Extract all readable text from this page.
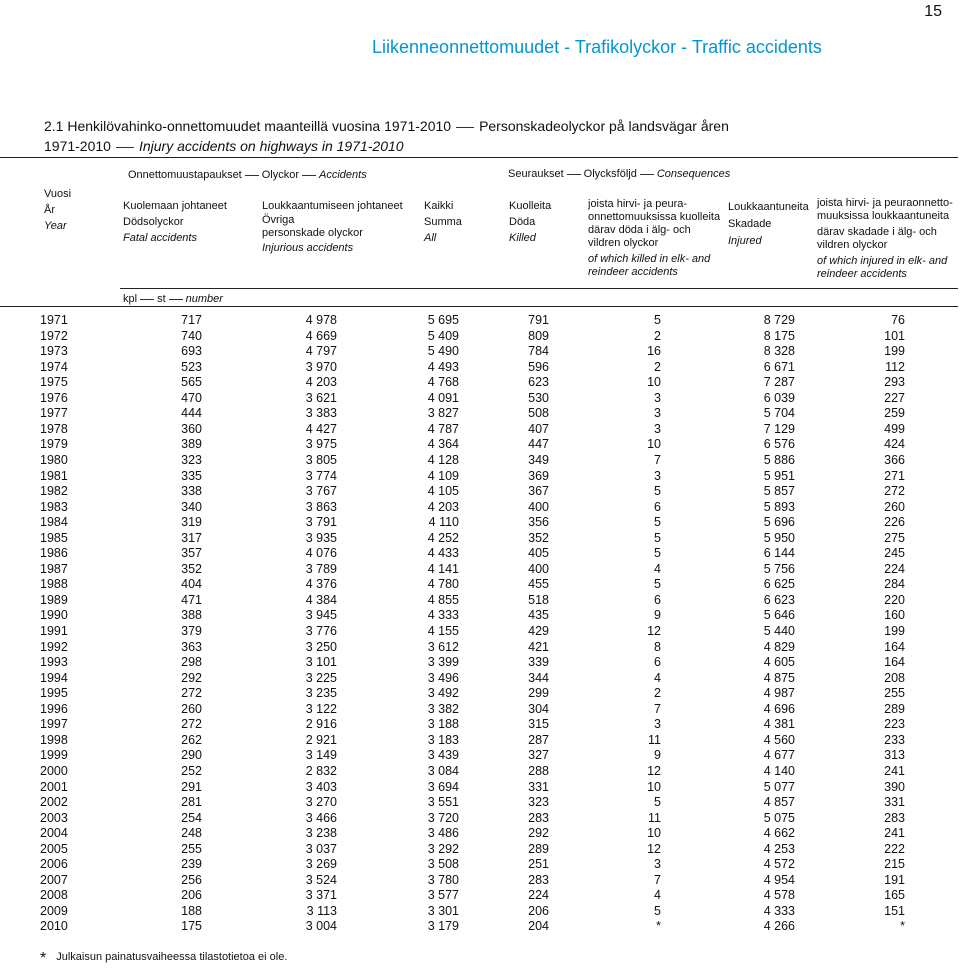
15
Liikenneonnettomuudet - Trafikolyckor - Traffic accidents
2.1 Henkilövahinko-onnettomuudet maanteillä vuosina 1971-2010 Personskadeolyckor på landsvägar åren
1971-2010 Injury accidents on highways in 1971-2010
Onnettomuustapaukset Olyckor Accidents	Seuraukset Olycksföljd Consequences
Vuosi
År
Year
Kuolemaan johtaneet
Dödsolyckor
Fatal accidents
Loukkaantumiseen johtaneet
Övriga
personskade olyckor
Injurious accidents
Kaikki
Summa
All
Kuolleita
Döda
Killed
joista hirvi- ja peura-
onnettomuuksissa kuolleita
därav döda i älg- och
vildren olyckor
of which killed in elk- and
reindeer accidents
Loukkaantuneita
Skadade
Injured
joista hirvi- ja peuraonnetto-
muuksissa loukkaantuneita
därav skadade i älg- och
vildren olyckor
of which injured in elk- and
reindeer accidents
kpl st number
1971	717	4 978	5 695	791	5	8 729	76
1972	740	4 669	5 409	809	2	8 175	101
1973	693	4 797	5 490	784	16	8 328	199
1974	523	3 970	4 493	596	2	6 671	112
1975	565	4 203	4 768	623	10	7 287	293
1976	470	3 621	4 091	530	3	6 039	227
1977	444	3 383	3 827	508	3	5 704	259
1978	360	4 427	4 787	407	3	7 129	499
1979	389	3 975	4 364	447	10	6 576	424
1980	323	3 805	4 128	349	7	5 886	366
1981	335	3 774	4 109	369	3	5 951	271
1982	338	3 767	4 105	367	5	5 857	272
1983	340	3 863	4 203	400	6	5 893	260
1984	319	3 791	4 110	356	5	5 696	226
1985	317	3 935	4 252	352	5	5 950	275
1986	357	4 076	4 433	405	5	6 144	245
1987	352	3 789	4 141	400	4	5 756	224
1988	404	4 376	4 780	455	5	6 625	284
1989	471	4 384	4 855	518	6	6 623	220
1990	388	3 945	4 333	435	9	5 646	160
1991	379	3 776	4 155	429	12	5 440	199
1992	363	3 250	3 612	421	8	4 829	164
1993	298	3 101	3 399	339	6	4 605	164
1994	292	3 225	3 496	344	4	4 875	208
1995	272	3 235	3 492	299	2	4 987	255
1996	260	3 122	3 382	304	7	4 696	289
1997	272	2 916	3 188	315	3	4 381	223
1998	262	2 921	3 183	287	11	4 560	233
1999	290	3 149	3 439	327	9	4 677	313
2000	252	2 832	3 084	288	12	4 140	241
2001	291	3 403	3 694	331	10	5 077	390
2002	281	3 270	3 551	323	5	4 857	331
2003	254	3 466	3 720	283	11	5 075	283
2004	248	3 238	3 486	292	10	4 662	241
2005	255	3 037	3 292	289	12	4 253	222
2006	239	3 269	3 508	251	3	4 572	215
2007	256	3 524	3 780	283	7	4 954	191
2008	206	3 371	3 577	224	4	4 578	165
2009	188	3 113	3 301	206	5	4 333	151
2010	175	3 004	3 179	204	*	4 266	*
* Julkaisun painatusvaiheessa tilastotietoa ei ole.
